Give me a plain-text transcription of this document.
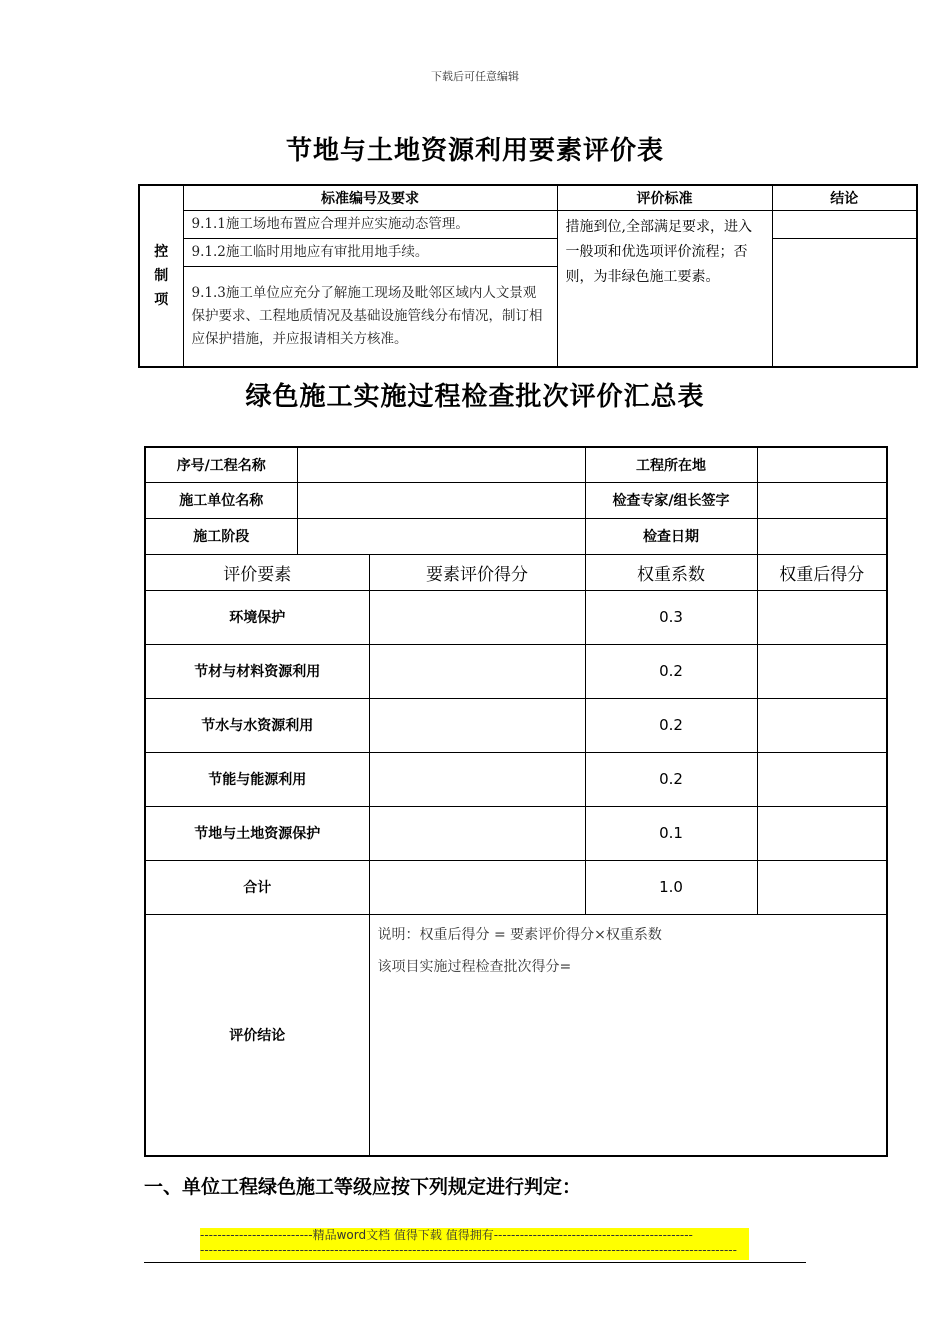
下载后可任意编辑
节地与土地资源利用要素评价表
控
制
项	标准编号及要求	评价标准	结论
	9.1.1施工场地布置应合理并应实施动态管理。	措施到位,全部满足要求，进入一般项和优选项评价流程；否则，为非绿色施工要素。	
	9.1.2施工临时用地应有审批用地手续。		
	9.1.3施工单位应充分了解施工现场及毗邻区域内人文景观保护要求、工程地质情况及基础设施管线分布情况，制订相应保护措施，并应报请相关方核准。		
绿色施工实施过程检查批次评价汇总表
序号/工程名称			工程所在地	
施工单位名称			检查专家/组长签字	
施工阶段			检查日期	
评价要素		要素评价得分	权重系数	权重后得分
环境保护			0.3	
节材与材料资源利用			0.2	
节水与水资源利用			0.2	
节能与能源利用			0.2	
节地与土地资源保护			0.1	
合计			1.0	
评价结论		说明：权重后得分 = 要素评价得分×权重系数
该项目实施过程检查批次得分=		
一、单位工程绿色施工等级应按下列规定进行判定：
--------------------------精品word文档 值得下载 值得拥有----------------------------------------------
----------------------------------------------------------------------------------------------------------------------------
